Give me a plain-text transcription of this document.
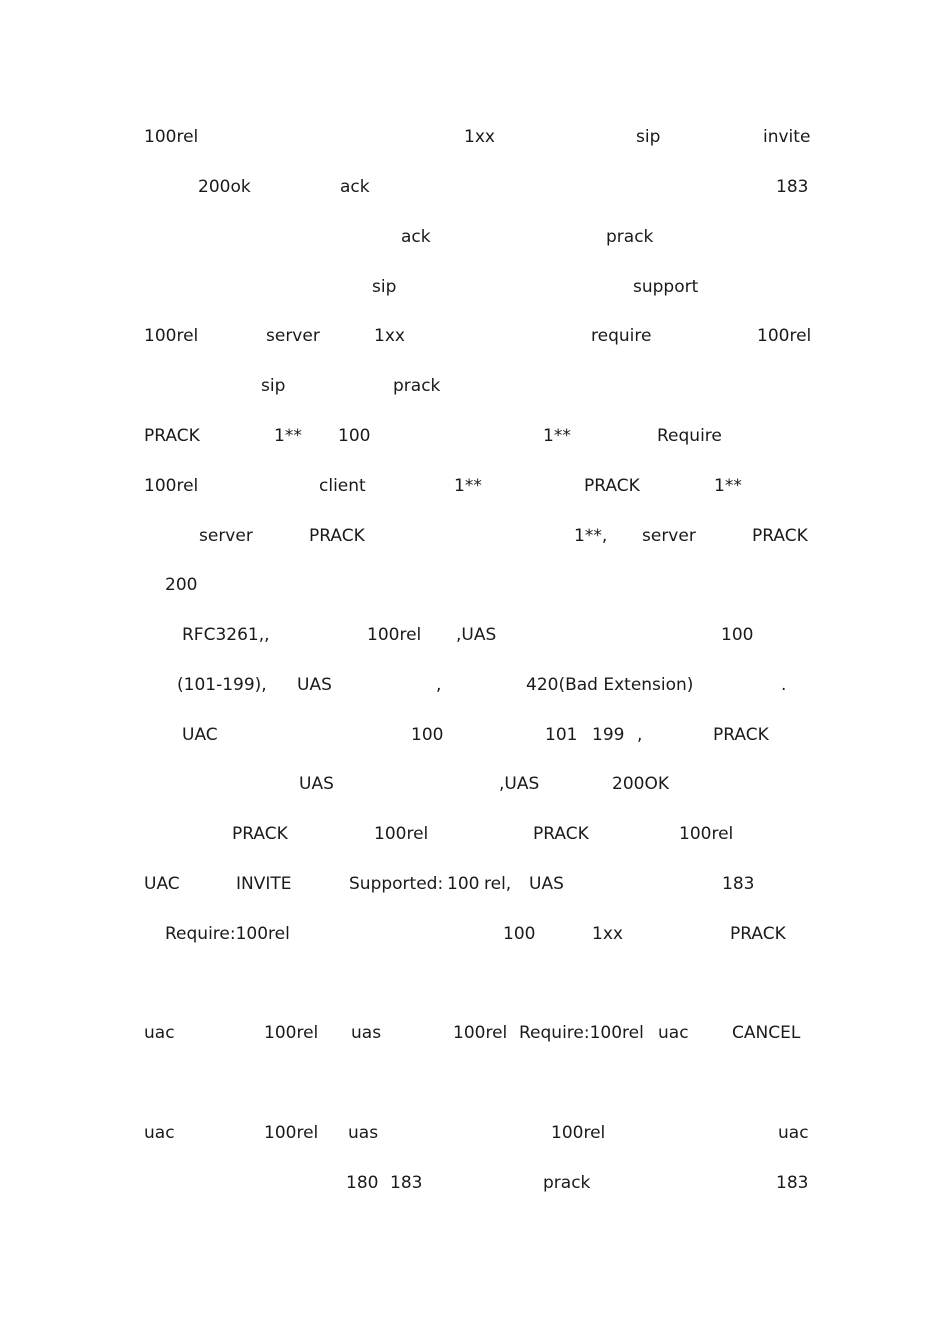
100rel	1xx	sip	invite
200ok	ack	183
ack	prack
sip	support
100rel	server	1xx	require	100rel
sip	prack
PRACK	1** 100	1**	Require
100rel	client	1**	PRACK	1**
server	PRACK	1**, server	PRACK
200
RFC3261,,	100rel ,UAS	100
(101-199), UAS	,	420(Bad Extension)	.
UAC	100	101 199 ,	PRACK
UAS	,UAS	200OK
PRACK	100rel	PRACK	100rel
UAC	INVITE	Supported: 100 rel, UAS	183
Require:100rel	100	1xx	PRACK
uac	100rel uas	100rel Require:100rel uac	CANCEL
uac	100rel uas	100rel	uac
180 183	prack	183
